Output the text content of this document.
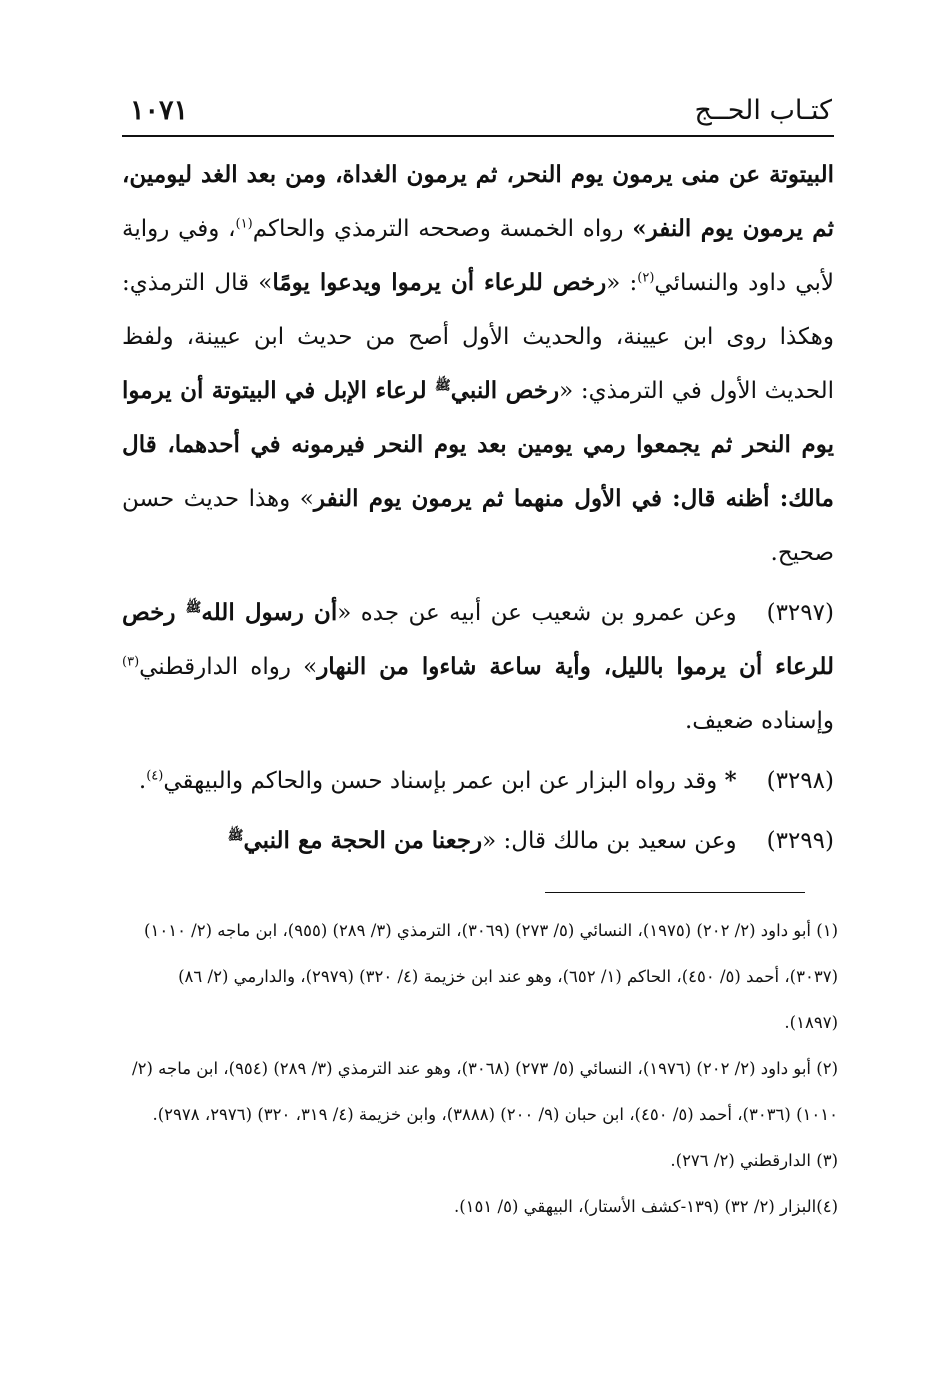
كتـاب الحــج
١٠٧١

البيتوتة عن منى يرمون يوم النحر، ثم يرمون الغداة، ومن بعد الغد ليومين، ثم يرمون يوم النفر» رواه الخمسة وصححه الترمذي والحاكم$^{(١)}$، وفي رواية لأبي داود والنسائي$^{(٢)}$: «رخص للرعاء أن يرموا ويدعوا يومًا» قال الترمذي: وهكذا روى ابن عيينة، والحديث الأول أصح من حديث ابن عيينة، ولفظ الحديث الأول في الترمذي: «رخص النبي$^ﷺ$ لرعاء الإبل في البيتوتة أن يرموا يوم النحر ثم يجمعوا رمي يومين بعد يوم النحر فيرمونه في أحدهما، قال مالك: أظنه قال: في الأول منهما ثم يرمون يوم النفر» وهذا حديث حسن صحيح.

(٣٢٩٧)وعن عمرو بن شعيب عن أبيه عن جده «أن رسول الله$^ﷺ$ رخص للرعاء أن يرموا بالليل، وأية ساعة شاءوا من النهار» رواه الدارقطني$^{(٣)}$ وإسناده ضعيف.

(٣٢٩٨)* وقد رواه البزار عن ابن عمر بإسناد حسن والحاكم والبيهقي$^{(٤)}$.

(٣٢٩٩)وعن سعيد بن مالك قال: «رجعنا من الحجة مع النبي$^ﷺ$

(١) أبو داود (٢/ ٢٠٢) (١٩٧٥)، النسائي (٥/ ٢٧٣) (٣٠٦٩)، الترمذي (٣/ ٢٨٩) (٩٥٥)، ابن ماجه (٢/ ١٠١٠) (٣٠٣٧)، أحمد (٥/ ٤٥٠)، الحاكم (١/ ٦٥٢)، وهو عند ابن خزيمة (٤/ ٣٢٠) (٢٩٧٩)، والدارمي (٢/ ٨٦) (١٨٩٧).

(٢) أبو داود (٢/ ٢٠٢) (١٩٧٦)، النسائي (٥/ ٢٧٣) (٣٠٦٨)، وهو عند الترمذي (٣/ ٢٨٩) (٩٥٤)، ابن ماجه (٢/ ١٠١٠) (٣٠٣٦)، أحمد (٥/ ٤٥٠)، ابن حبان (٩/ ٢٠٠) (٣٨٨٨)، وابن خزيمة (٤/ ٣١٩، ٣٢٠) (٢٩٧٦، ٢٩٧٨).

(٣) الدارقطني (٢/ ٢٧٦).

(٤)البزار (٢/ ٣٢) (١٣٩-كشف الأستار)، البيهقي (٥/ ١٥١).
